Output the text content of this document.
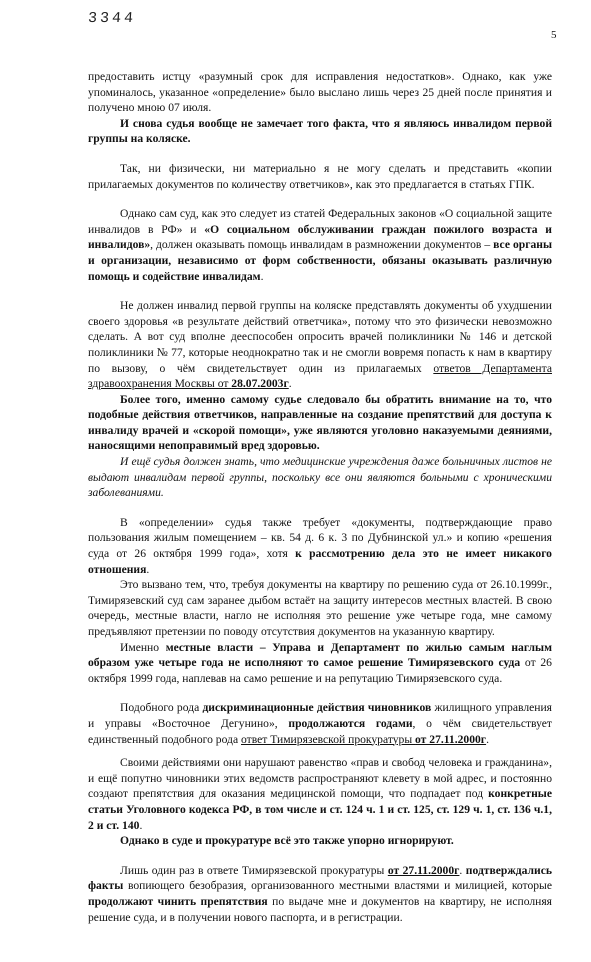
3344
5

предоставить истцу «разумный срок для исправления недостатков». Однако, как уже упоминалось, указанное «определение» было выслано лишь через 25 дней после принятия и получено мною 07 июля.

И снова судья вообще не замечает того факта, что я являюсь инвалидом первой группы на коляске.

Так, ни физически, ни материально я не могу сделать и представить «копии прилагаемых документов по количеству ответчиков», как это предлагается в статьях ГПК.

Однако сам суд, как это следует из статей Федеральных законов «О социальной защите инвалидов в РФ» и «О социальном обслуживании граждан пожилого возраста и инвалидов», должен оказывать помощь инвалидам в размножении документов – все органы и организации, независимо от форм собственности, обязаны оказывать различную помощь и содействие инвалидам.

Не должен инвалид первой группы на коляске представлять документы об ухудшении своего здоровья «в результате действий ответчика», потому что это физически невозможно сделать. А вот суд вполне дееспособен опросить врачей поликлиники № 146 и детской поликлиники № 77, которые неоднократно так и не смогли вовремя попасть к нам в квартиру по вызову, о чём свидетельствует один из прилагаемых ответов Департамента здравоохранения Москвы от 28.07.2003г.

Более того, именно самому судье следовало бы обратить внимание на то, что подобные действия ответчиков, направленные на создание препятствий для доступа к инвалиду врачей и «скорой помощи», уже являются уголовно наказуемыми деяниями, наносящими непоправимый вред здоровью.

И ещё судья должен знать, что медицинские учреждения даже больничных листов не выдают инвалидам первой группы, поскольку все они являются больными с хроническими заболеваниями.

В «определении» судья также требует «документы, подтверждающие право пользования жилым помещением – кв. 54 д. 6 к. 3 по Дубнинской ул.» и копию «решения суда от 26 октября 1999 года», хотя к рассмотрению дела это не имеет никакого отношения.

Это вызвано тем, что, требуя документы на квартиру по решению суда от 26.10.1999г., Тимирязевский суд сам заранее дыбом встаёт на защиту интересов местных властей. В свою очередь, местные власти, нагло не исполняя это решение уже четыре года, мне самому предъявляют претензии по поводу отсутствия документов на указанную квартиру.

Именно местные власти – Управа и Департамент по жилью самым наглым образом уже четыре года не исполняют то самое решение Тимирязевского суда от 26 октября 1999 года, наплевав на само решение и на репутацию Тимирязевского суда.

Подобного рода дискриминационные действия чиновников жилищного управления и управы «Восточное Дегунино», продолжаются годами, о чём свидетельствует единственный подобного рода ответ Тимирязевской прокуратуры от 27.11.2000г.

Своими действиями они нарушают равенство «прав и свобод человека и гражданина», и ещё попутно чиновники этих ведомств распространяют клевету в мой адрес, и постоянно создают препятствия для оказания медицинской помощи, что подпадает под конкретные статьи Уголовного кодекса РФ, в том числе и ст. 124 ч. 1 и ст. 125, ст. 129 ч. 1, ст. 136 ч.1, 2 и ст. 140.

Однако в суде и прокуратуре всё это также упорно игнорируют.

Лишь один раз в ответе Тимирязевской прокуратуры от 27.11.2000г. подтверждались факты вопиющего безобразия, организованного местными властями и милицией, которые продолжают чинить препятствия по выдаче мне и документов на квартиру, не исполняя решение суда, и в получении нового паспорта, и в регистрации.
